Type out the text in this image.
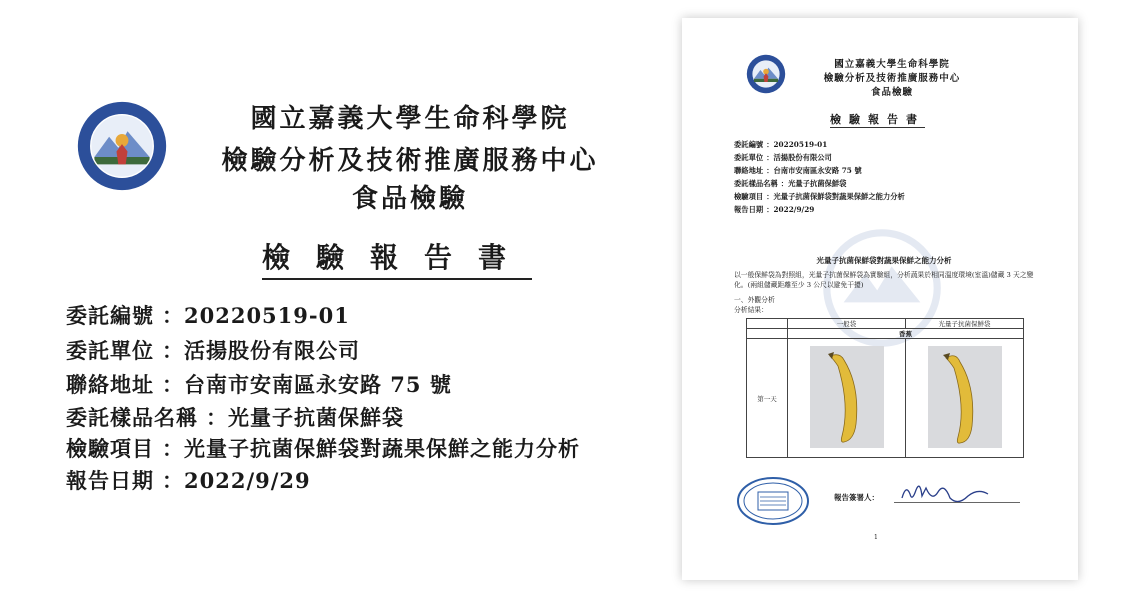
國立嘉義大學生命科學院
檢驗分析及技術推廣服務中心
食品檢驗
檢驗報告書
委託編號 ：20220519-01
委託單位 ：活揚股份有限公司
聯絡地址 ：台南市安南區永安路 75 號
委託樣品名稱 ：光量子抗菌保鮮袋
檢驗項目 ：光量子抗菌保鮮袋對蔬果保鮮之能力分析
報告日期 ：2022/9/29
國立嘉義大學生命科學院
檢驗分析及技術推廣服務中心
食品檢驗
檢驗報告書
委託編號 ：20220519-01
委託單位 ：活揚股份有限公司
聯絡地址 ：台南市安南區永安路 75 號
委託樣品名稱 ：光量子抗菌保鮮袋
檢驗項目 ：光量子抗菌保鮮袋對蔬果保鮮之能力分析
報告日期 ：2022/9/29
光量子抗菌保鮮袋對蔬果保鮮之能力分析
以一般保鮮袋為對照組，光量子抗菌保鮮袋為實驗組，分析蔬果於相同溫度環境(室溫)儲藏 3 天之變化。(兩組儲藏距離至少 3 公尺以避免干擾)
一、外觀分析
分析結果：
	一般袋	光量子抗菌保鮮袋
	香蕉	
第一天		
報告簽署人：
1
